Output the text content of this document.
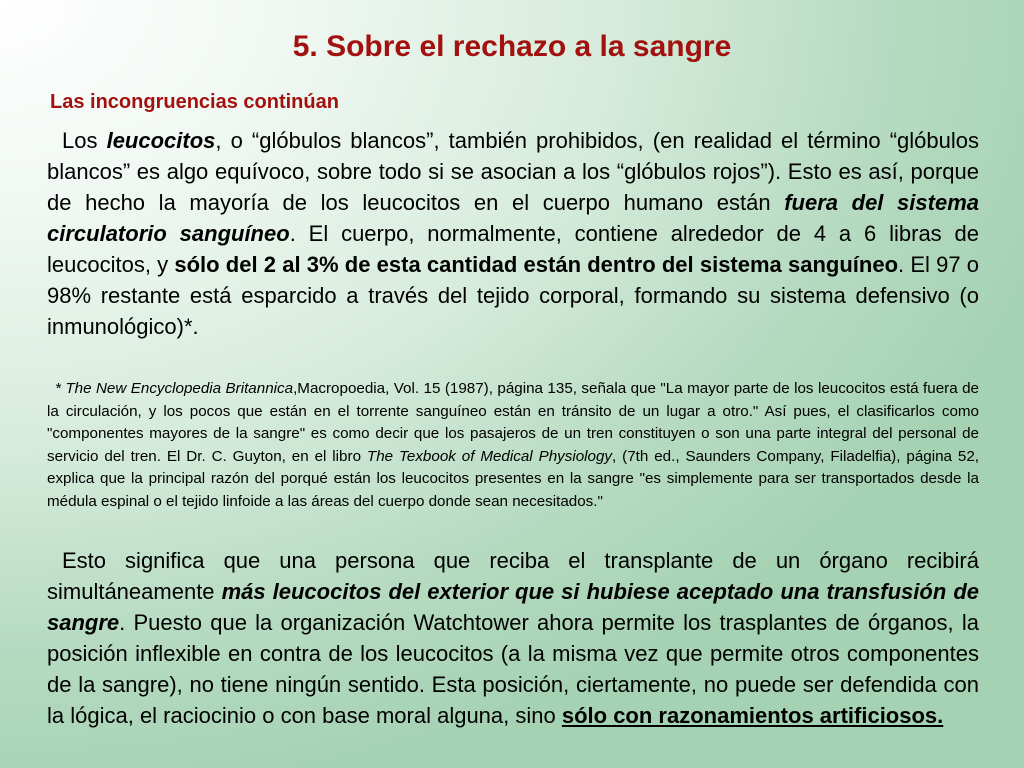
5. Sobre el rechazo a la sangre
Las incongruencias continúan

Los leucocitos, o “glóbulos blancos”, también prohibidos, (en realidad el término “glóbulos blancos” es algo equívoco, sobre todo si se asocian a los “glóbulos rojos”). Esto es así, porque de hecho la mayoría de los leucocitos en el cuerpo humano están fuera del sistema circulatorio sanguíneo. El cuerpo, normalmente, contiene alrededor de 4 a 6 libras de leucocitos, y sólo del 2 al 3% de esta cantidad están dentro del sistema sanguíneo. El 97 o 98% restante está esparcido a través del tejido corporal, formando su sistema defensivo (o inmunológico)*.

* The New Encyclopedia Britannica,Macropoedia, Vol. 15 (1987), página 135, señala que "La mayor parte de los leucocitos está fuera de la circulación, y los pocos que están en el torrente sanguíneo están en tránsito de un lugar a otro." Así pues, el clasificarlos como "componentes mayores de la sangre" es como decir que los pasajeros de un tren constituyen o son una parte integral del personal de servicio del tren. El Dr. C. Guyton, en el libro The Texbook of Medical Physiology, (7th ed., Saunders Company, Filadelfia), página 52, explica que la principal razón del porqué están los leucocitos presentes en la sangre "es simplemente para ser transportados desde la médula espinal o el tejido linfoide a las áreas del cuerpo donde sean necesitados."

Esto significa que una persona que reciba el transplante de un órgano recibirá simultáneamente más leucocitos del exterior que si hubiese aceptado una transfusión de sangre. Puesto que la organización Watchtower ahora permite los trasplantes de órganos, la posición inflexible en contra de los leucocitos (a la misma vez que permite otros componentes de la sangre), no tiene ningún sentido. Esta posición, ciertamente, no puede ser defendida con la lógica, el raciocinio o con base moral alguna, sino sólo con razonamientos artificiosos.
